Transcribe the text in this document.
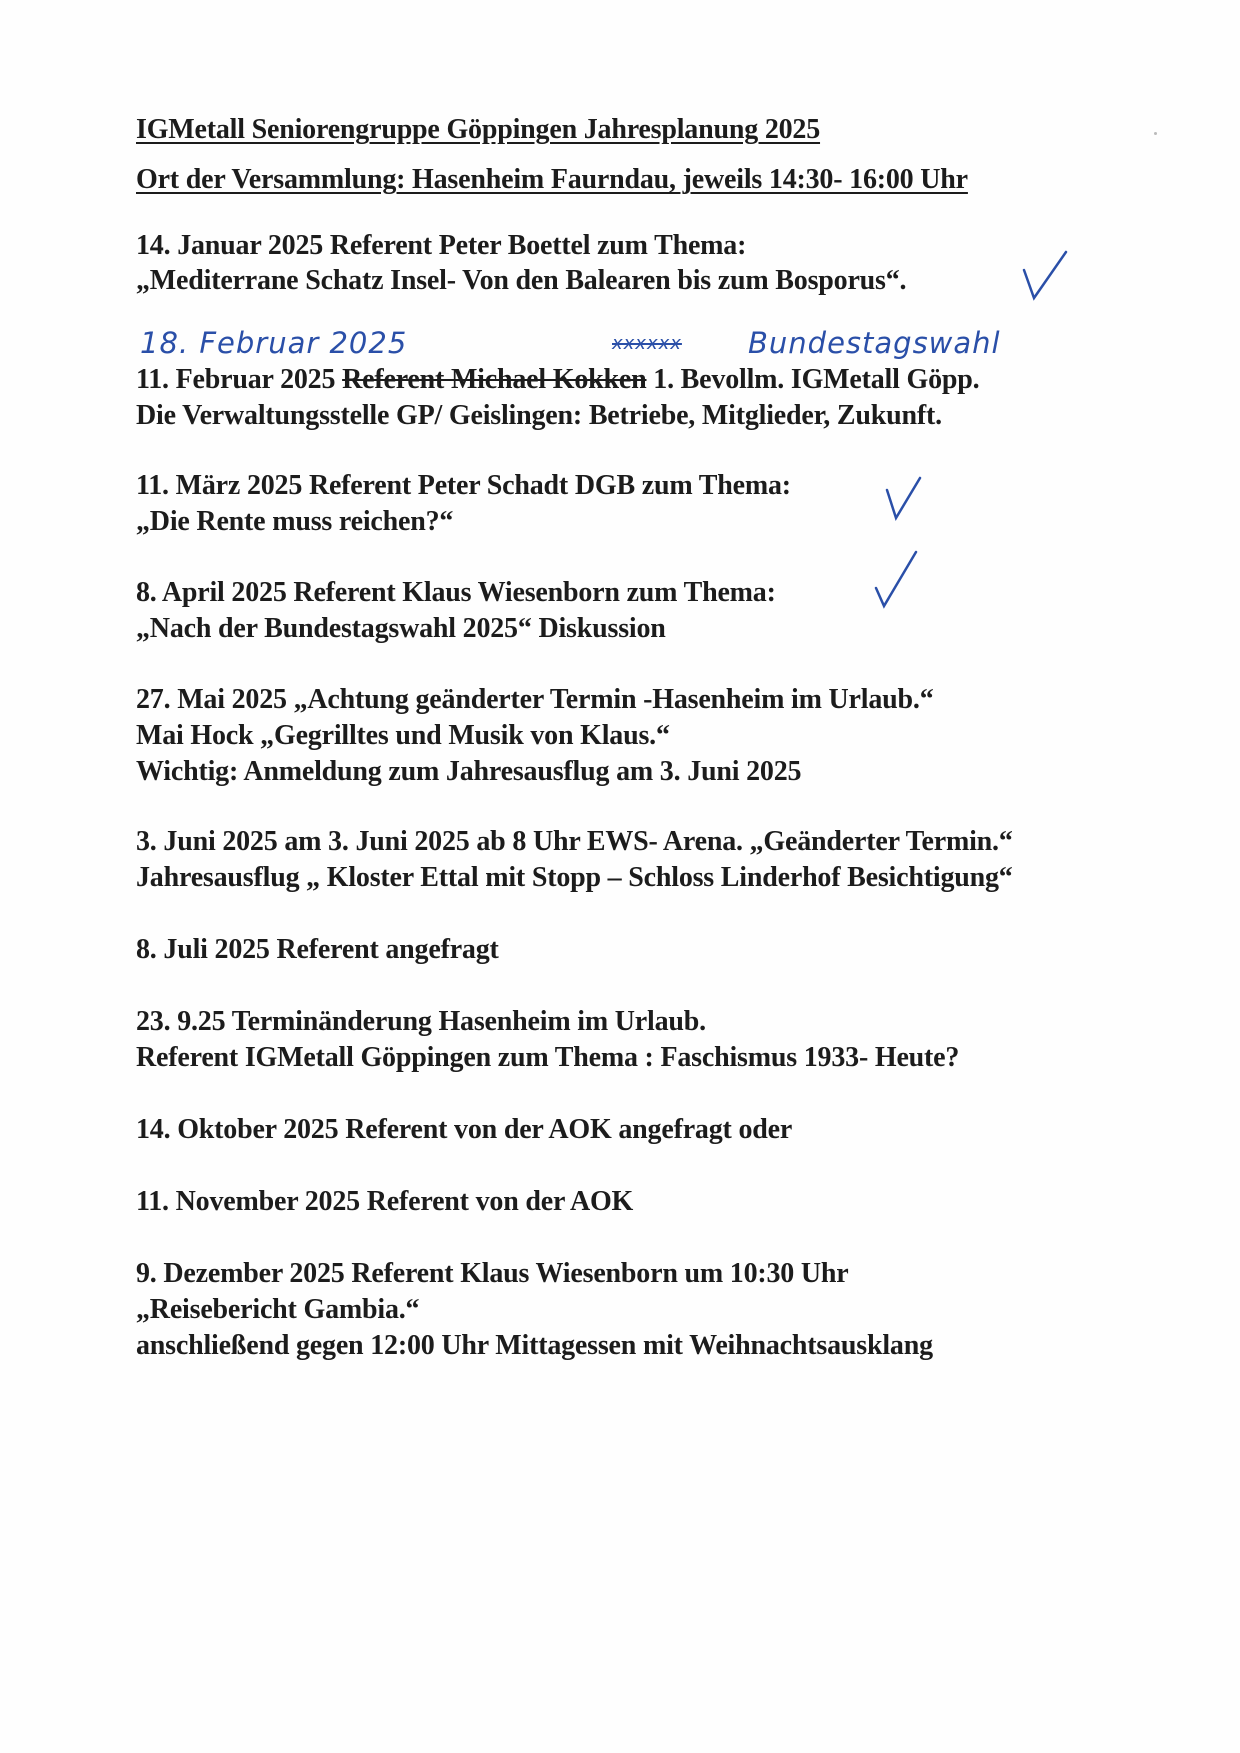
IGMetall Seniorengruppe Göppingen Jahresplanung 2025
Ort der Versammlung: Hasenheim Faurndau, jeweils 14:30- 16:00 Uhr
14. Januar 2025 Referent Peter Boettel zum Thema:
„Mediterrane Schatz Insel- Von den Balearen bis zum Bosporus“.
18. Februar 2025	xxxxxx Bundestagswahl
11. Februar 2025 Referent Michael Kokken 1. Bevollm. IGMetall Göpp.
Die Verwaltungsstelle GP/ Geislingen: Betriebe, Mitglieder, Zukunft.
11. März 2025 Referent Peter Schadt DGB zum Thema:
„Die Rente muss reichen?“
8. April 2025 Referent Klaus Wiesenborn zum Thema:
„Nach der Bundestagswahl 2025“ Diskussion
27. Mai 2025 „Achtung geänderter Termin -Hasenheim im Urlaub.“
Mai Hock „Gegrilltes und Musik von Klaus.“
Wichtig: Anmeldung zum Jahresausflug am 3. Juni 2025
3. Juni 2025 am 3. Juni 2025 ab 8 Uhr EWS- Arena. „Geänderter Termin.“
Jahresausflug „ Kloster Ettal mit Stopp – Schloss Linderhof Besichtigung“
8. Juli 2025 Referent angefragt
23. 9.25 Terminänderung Hasenheim im Urlaub.
Referent IGMetall Göppingen zum Thema : Faschismus 1933- Heute?
14. Oktober 2025 Referent von der AOK angefragt oder
11. November 2025 Referent von der AOK
9. Dezember 2025 Referent Klaus Wiesenborn um 10:30 Uhr
„Reisebericht Gambia.“
anschließend gegen 12:00 Uhr Mittagessen mit Weihnachtsausklang
